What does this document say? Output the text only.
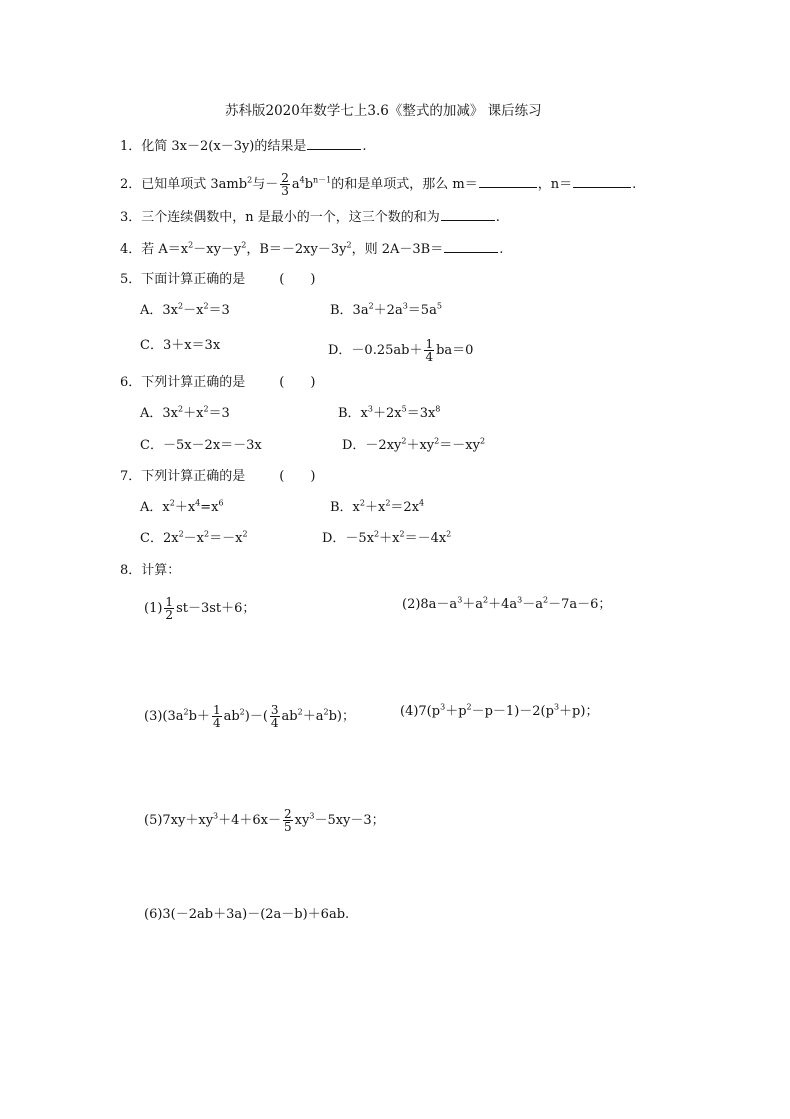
苏科版2020年数学七上3.6《整式的加减》 课后练习
1．化简 3x－2(x－3y)的结果是	.
2．已知单项式 3amb$^2$与－ $\frac{2}{3} a^4b^{n-1}$的和是单项式，那么 m＝	，n＝	.
3．三个连续偶数中，n 是最小的一个，这三个数的和为	.
4．若 $A=x^2-xy-y^2$，$B=-2xy-3y^2$，则 2A－3B＝	.
5．下面计算正确的是	(　　)
A．$3x^2-x^2=3$	B．$3a^2+2a^3=5a^5$
C．3＋x＝3x	D．$-0.25ab+ \frac{1}{4} ba=0$
6．下列计算正确的是	(　　)
A．$3x^2+x^2=3$	B．$x^3+2x^5=3x^8$
C．－5x－2x＝－3x	D．$-2xy^2+xy^2=-xy^2$
7．下列计算正确的是	(　　)
A．$x^2+x^4=x^6$	B．$x^2+x^2=2x^4$
C．$2x^2-x^2=-x^2$	D．$-5x^2+x^2=-4x^2$
8．计算：
$(1) \frac{1}{2} st-3st+6$；	$(2)8a-a^3+a^2+4a^3-a^2-7a-6$；
$(3)(3a^2b+ \frac{1}{4} ab^2)-( \frac{3}{4} ab^2+a^2b)$；	$(4)7(p^3+p^2-p-1)-2(p^3+p)$；
$(5)7xy+xy^3+4+6x- \frac{2}{5} xy^3-5xy-3$；
(6)3(－2ab＋3a)－(2a－b)＋6ab.
